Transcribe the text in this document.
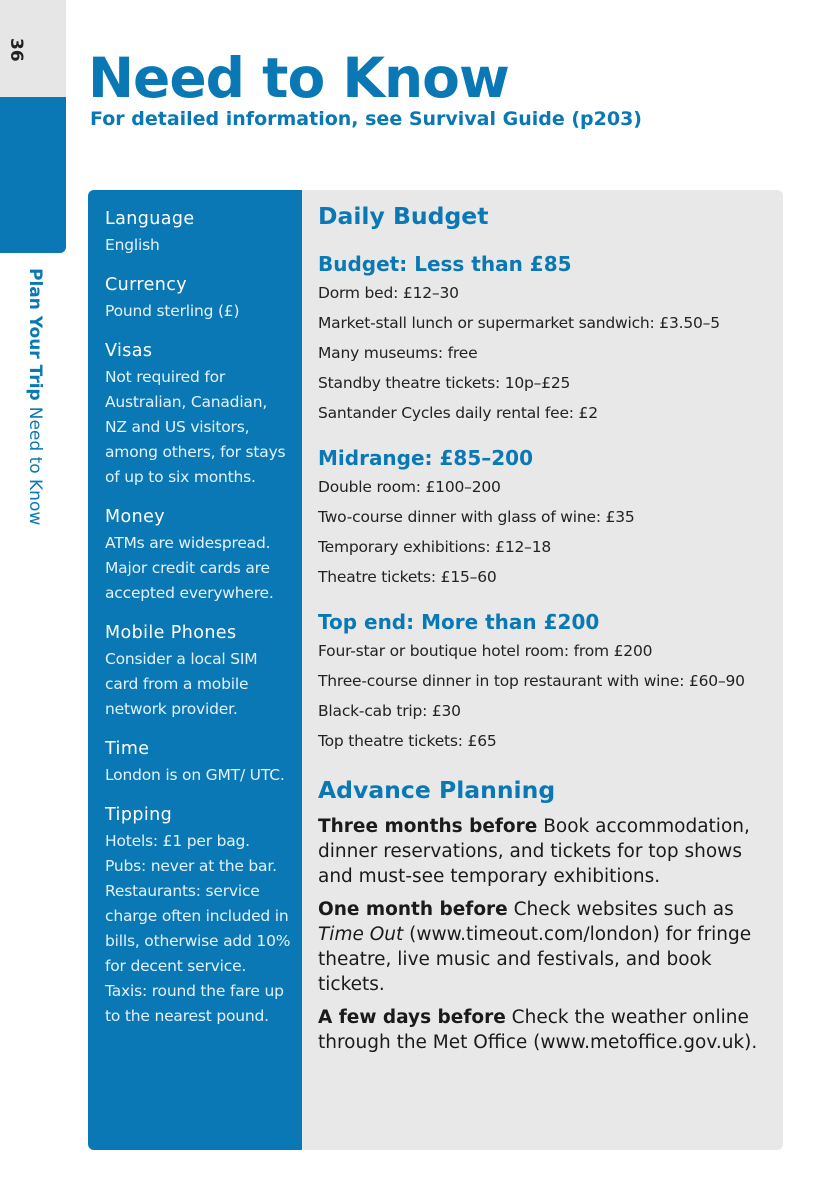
36
Plan Your TripNeed to Know
Need to Know

For detailed information, see Survival Guide (p203)

Language
English
Currency
Pound sterling (£)
Visas
Not required for Australian, Canadian, NZ and US visitors, among others, for stays of up to six months.
Money
ATMs are widespread. Major credit cards are accepted everywhere.
Mobile Phones
Consider a local SIM card from a mobile network provider.
Time
London is on GMT/ UTC.
Tipping
Hotels: £1 per bag. Pubs: never at the bar. Restaurants: service charge often included in bills, otherwise add 10% for decent service. Taxis: round the fare up to the nearest pound.
Daily Budget
Budget: Less than £85
Dorm bed: £12–30
Market-stall lunch or supermarket sandwich: £3.50–5
Many museums: free
Standby theatre tickets: 10p–£25
Santander Cycles daily rental fee: £2
Midrange: £85–200
Double room: £100–200
Two-course dinner with glass of wine: £35
Temporary exhibitions: £12–18
Theatre tickets: £15–60
Top end: More than £200
Four-star or boutique hotel room: from £200
Three-course dinner in top restaurant with wine: £60–90
Black-cab trip: £30
Top theatre tickets: £65
Advance Planning
Three months before Book accommodation, dinner reservations, and tickets for top shows and must-see temporary exhibitions.
One month before Check websites such as Time Out (www.timeout.com/london) for fringe theatre, live music and festivals, and book tickets.
A few days before Check the weather online through the Met Office (www.metoffice.gov.uk).
